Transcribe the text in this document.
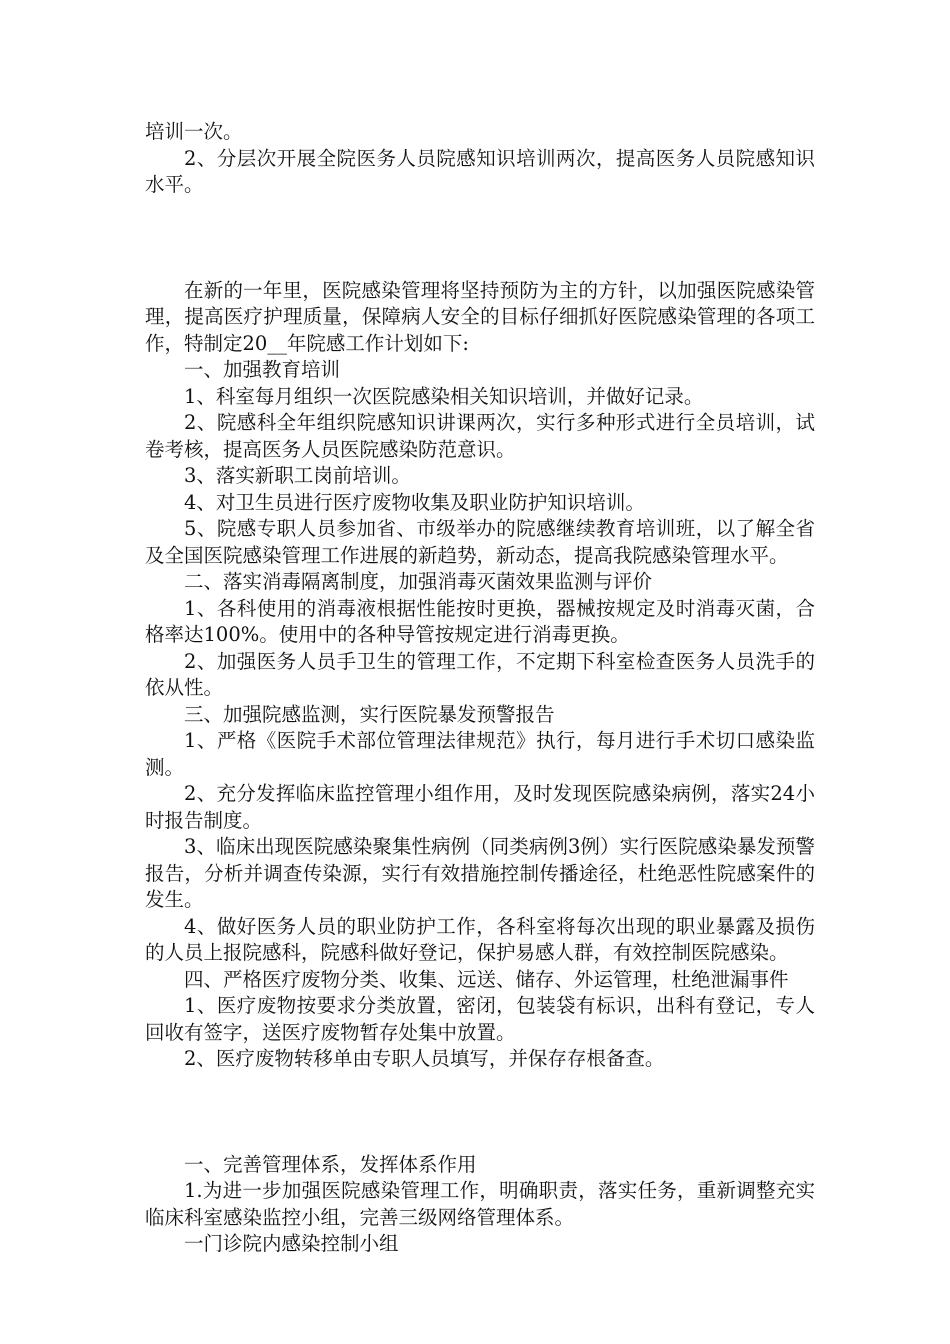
培训一次。

2、分层次开展全院医务人员院感知识培训两次，提高医务人员院感知识水平。

在新的一年里，医院感染管理将坚持预防为主的方针，以加强医院感染管理，提高医疗护理质量，保障病人安全的目标仔细抓好医院感染管理的各项工作，特制定20__年院感工作计划如下:

一、加强教育培训

1、科室每月组织一次医院感染相关知识培训，并做好记录。

2、院感科全年组织院感知识讲课两次，实行多种形式进行全员培训，试卷考核，提高医务人员医院感染防范意识。

3、落实新职工岗前培训。

4、对卫生员进行医疗废物收集及职业防护知识培训。

5、院感专职人员参加省、市级举办的院感继续教育培训班，以了解全省及全国医院感染管理工作进展的新趋势，新动态，提高我院感染管理水平。

二、落实消毒隔离制度，加强消毒灭菌效果监测与评价

1、各科使用的消毒液根据性能按时更换，器械按规定及时消毒灭菌，合格率达100%。使用中的各种导管按规定进行消毒更换。

2、加强医务人员手卫生的管理工作，不定期下科室检查医务人员洗手的依从性。

三、加强院感监测，实行医院暴发预警报告

1、严格《医院手术部位管理法律规范》执行，每月进行手术切口感染监测。

2、充分发挥临床监控管理小组作用，及时发现医院感染病例，落实24小时报告制度。

3、临床出现医院感染聚集性病例（同类病例3例）实行医院感染暴发预警报告，分析并调查传染源，实行有效措施控制传播途径，杜绝恶性院感案件的发生。

4、做好医务人员的职业防护工作，各科室将每次出现的职业暴露及损伤的人员上报院感科，院感科做好登记，保护易感人群，有效控制医院感染。

四、严格医疗废物分类、收集、远送、储存、外运管理，杜绝泄漏事件

1、医疗废物按要求分类放置，密闭，包装袋有标识，出科有登记，专人回收有签字，送医疗废物暂存处集中放置。

2、医疗废物转移单由专职人员填写，并保存存根备查。

一、完善管理体系，发挥体系作用

1.为进一步加强医院感染管理工作，明确职责，落实任务，重新调整充实临床科室感染监控小组，完善三级网络管理体系。

一门诊院内感染控制小组
